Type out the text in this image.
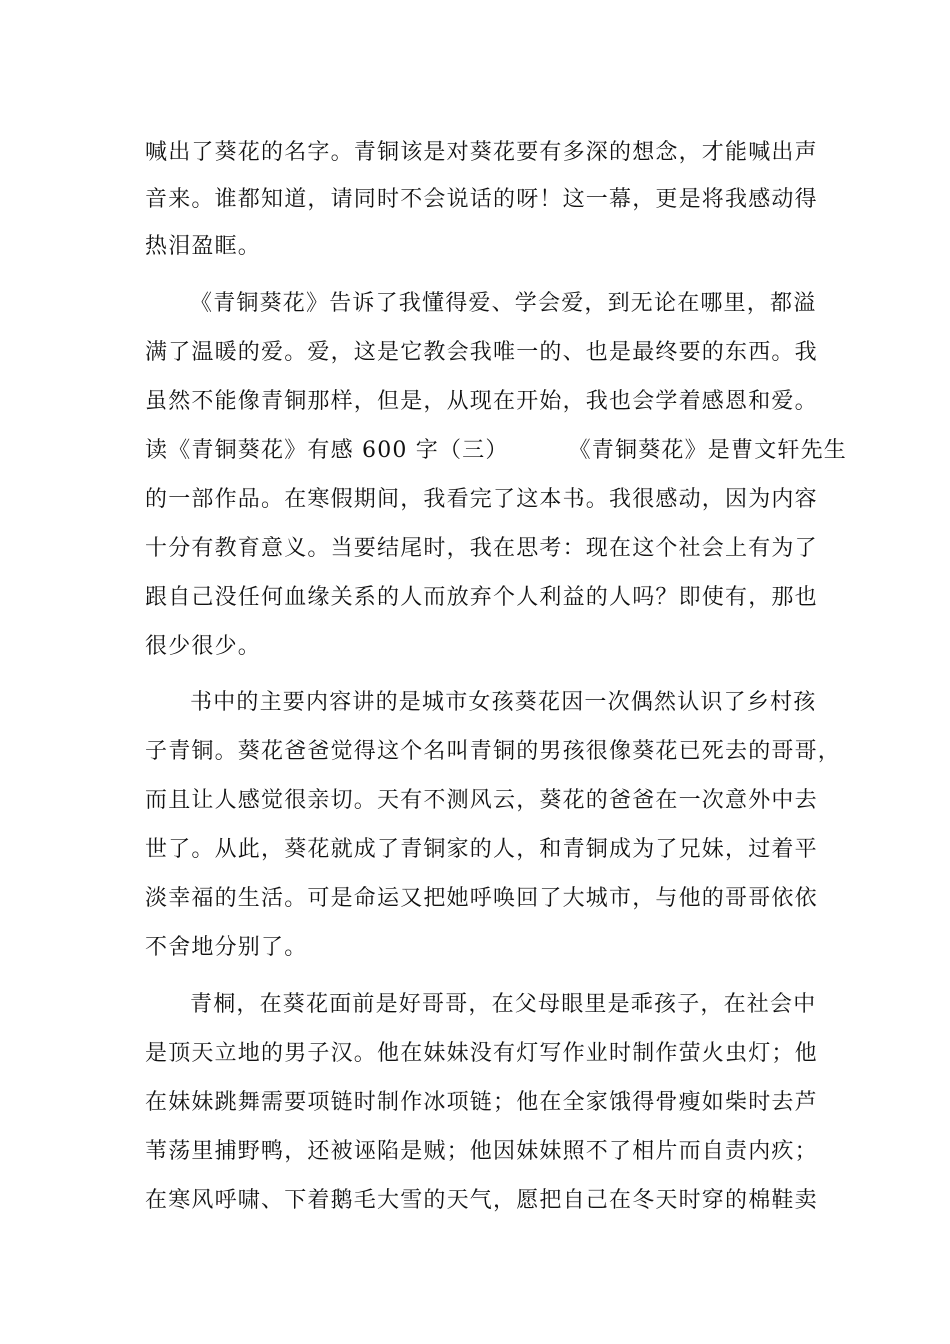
喊出了葵花的名字。青铜该是对葵花要有多深的想念，才能喊出声
音来。谁都知道，请同时不会说话的呀！这一幕，更是将我感动得
热泪盈眶。
《青铜葵花》告诉了我懂得爱、学会爱，到无论在哪里，都溢
满了温暖的爱。爱，这是它教会我唯一的、也是最终要的东西。我
虽然不能像青铜那样，但是，从现在开始，我也会学着感恩和爱。
读《青铜葵花》有感 600 字（三）	《青铜葵花》是曹文轩先生
的一部作品。在寒假期间，我看完了这本书。我很感动，因为内容
十分有教育意义。当要结尾时，我在思考：现在这个社会上有为了
跟自己没任何血缘关系的人而放弃个人利益的人吗？即使有，那也
很少很少。
书中的主要内容讲的是城市女孩葵花因一次偶然认识了乡村孩
子青铜。葵花爸爸觉得这个名叫青铜的男孩很像葵花已死去的哥哥，
而且让人感觉很亲切。天有不测风云，葵花的爸爸在一次意外中去
世了。从此，葵花就成了青铜家的人，和青铜成为了兄妹，过着平
淡幸福的生活。可是命运又把她呼唤回了大城市，与他的哥哥依依
不舍地分别了。
青桐，在葵花面前是好哥哥，在父母眼里是乖孩子，在社会中
是顶天立地的男子汉。他在妹妹没有灯写作业时制作萤火虫灯；他
在妹妹跳舞需要项链时制作冰项链；他在全家饿得骨瘦如柴时去芦
苇荡里捕野鸭，还被诬陷是贼；他因妹妹照不了相片而自责内疚；
在寒风呼啸、下着鹅毛大雪的天气，愿把自己在冬天时穿的棉鞋卖
